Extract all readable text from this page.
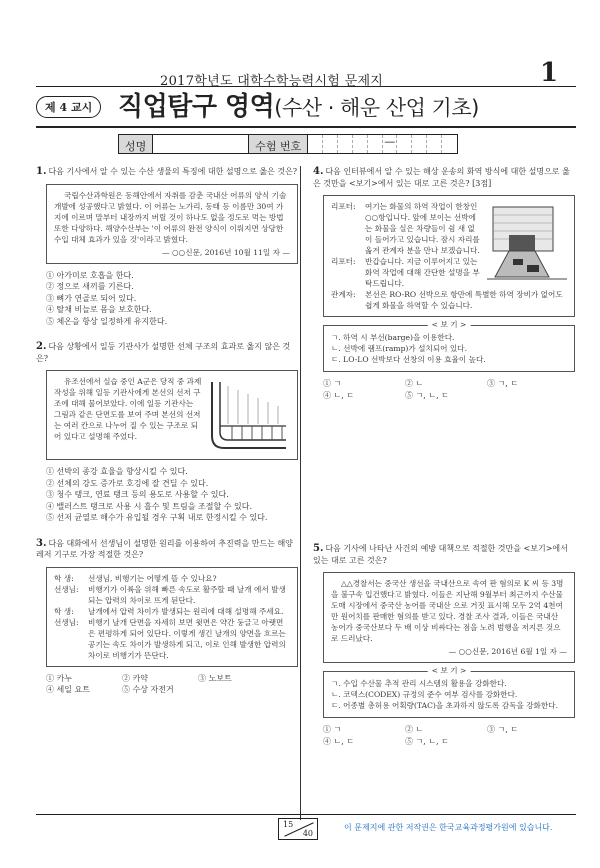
2017학년도 대학수학능력시험 문제지	1
제 4 교시 직업탐구 영역(수산 · 해운 산업 기초)
성명	수험 번호	—
1. 다음 기사에서 알 수 있는 수산 생물의 특징에 대한 설명으로 옳은 것은?
국립수산과학원은 동해안에서 자취를 감춘 국내산 어류의 양식 기술 개발에 성공했다고 밝혔다. 이 어류는 노가리, 동태 등 이름만 30여 가지에 이르며 말부터 내장까지 버릴 것이 하나도 없을 정도로 먹는 방법 또한 다양하다. 해양수산부는 '이 어류의 완전 양식이 이뤄지면 상당한 수입 대체 효과가 있을 것'이라고 밝혔다.
— ○○신문, 2016년 10월 11일 자 —
① 아가미로 호흡을 한다.
② 정으로 새끼를 기른다.
③ 뼈가 연골로 되어 있다.
④ 탈채 비늘로 몸을 보호한다.
⑤ 체온을 항상 일정하게 유지한다.
2. 다음 상황에서 일등 기관사가 설명한 선체 구조의 효과로 옳지 않은 것은?
유조선에서 실습 중인 A군은 당직 중 과제 작성을 위해 일등 기관사에게 본선의 선저 구조에 대해 물어보았다. 이에 일등 기관사는 그림과 같은 단면도를 보여 주며 본선의 선저는 여러 칸으로 나누어 질 수 있는 구조로 되어 있다고 설명해 주었다.
① 선박의 종강 효율을 향상시킬 수 있다.
② 선체의 강도 증가로 호깅에 잘 견딜 수 있다.
③ 청수 탱크, 연료 탱크 등의 용도로 사용할 수 있다.
④ 밸러스트 탱크로 사용 시 흘수 및 트림을 조절할 수 있다.
⑤ 선저 균열로 해수가 유입될 경우 구획 내로 한정시킬 수 있다.
3. 다음 대화에서 선생님이 설명한 원리를 이용하여 추진력을 만드는 해양 레저 기구로 가장 적절한 것은?
학 생:	선생님, 비행기는 어떻게 뜰 수 있나요?
선생님:	비행기가 이륙을 위해 빠른 속도로 활주할 때 날개 에서 발생되는 압력의 차이로 뜨게 된단다.
학 생:	날개에서 압력 차이가 발생되는 원리에 대해 설명해 주세요.
선생님:	비행기 날개 단면을 자세히 보면 윗면은 약간 둥글고 아랫면은 편평하게 되어 있단다. 이렇게 생긴 날개의 양면을 흐르는 공기는 속도 차이가 발생하게 되고, 이로 인해 발생한 압력의 차이로 비행기가 뜬단다.
① 카누	② 카약	③ 노보트
④ 세일 요트	⑤ 수상 자전거
4. 다음 인터뷰에서 알 수 있는 해상 운송의 화역 방식에 대한 설명으로 옳은 것만을 <보기>에서 있는 대로 고른 것은? [3점]
리포터:	여기는 화물의 하역 작업이 한창인 ○○항입니다. 앞에 보이는 선박에는 화물을 실은 차량들이 쉼 새 없이 들어가고 있습니다. 잠시 자리를 옮겨 관계자 분을 만나 보겠습니다.
리포터:	반갑습니다. 지금 이루어지고 있는 화역 작업에 대해 간단한 설명을 부탁드립니다.
관계자:	본선은 RO-RO 선박으로 항만에 특별한 하역 장비가 없어도 쉽게 화물을 하역할 수 있습니다.
< 보 기 >
ㄱ. 하역 시 부선(barge)을 이용한다.
ㄴ. 선박에 램프(ramp)가 설치되어 있다.
ㄷ. LO-LO 선박보다 선창의 이용 효율이 높다.
① ㄱ	② ㄴ	③ ㄱ, ㄷ
④ ㄴ, ㄷ	⑤ ㄱ, ㄴ, ㄷ
5. 다음 기사에 나타난 사건의 예방 대책으로 적절한 것만을 <보기>에서 있는 대로 고른 것은?
△△경찰서는 중국산 생선을 국내산으로 속여 판 혐의로 K 씨 등 3명을 불구속 입건했다고 밝혔다. 이들은 지난해 9월부터 최근까지 수산물 도매 시장에서 중국산 농어를 국내산 으로 거짓 표시해 모두 2억 4천여만 원어치를 판매한 혐의를 받고 있다. 경찰 조사 결과, 이들은 국내산 농어가 중국산보다 두 배 이상 비싸다는 점을 노려 범행을 저지른 것으로 드러났다.
— ○○신문, 2016년 6월 1일 자 —
< 보 기 >
ㄱ. 수입 수산물 추적 관리 시스템의 활용을 강화한다.
ㄴ. 코덱스(CODEX) 규정의 준수 여부 검사를 강화한다.
ㄷ. 어종별 총허용 어획량(TAC)을 초과하지 않도록 감독을 강화한다.
① ㄱ	② ㄴ	③ ㄱ, ㄷ
④ ㄴ, ㄷ	⑤ ㄱ, ㄴ, ㄷ
15
40
이 문제지에 관한 저작권은 한국교육과정평가원에 있습니다.
